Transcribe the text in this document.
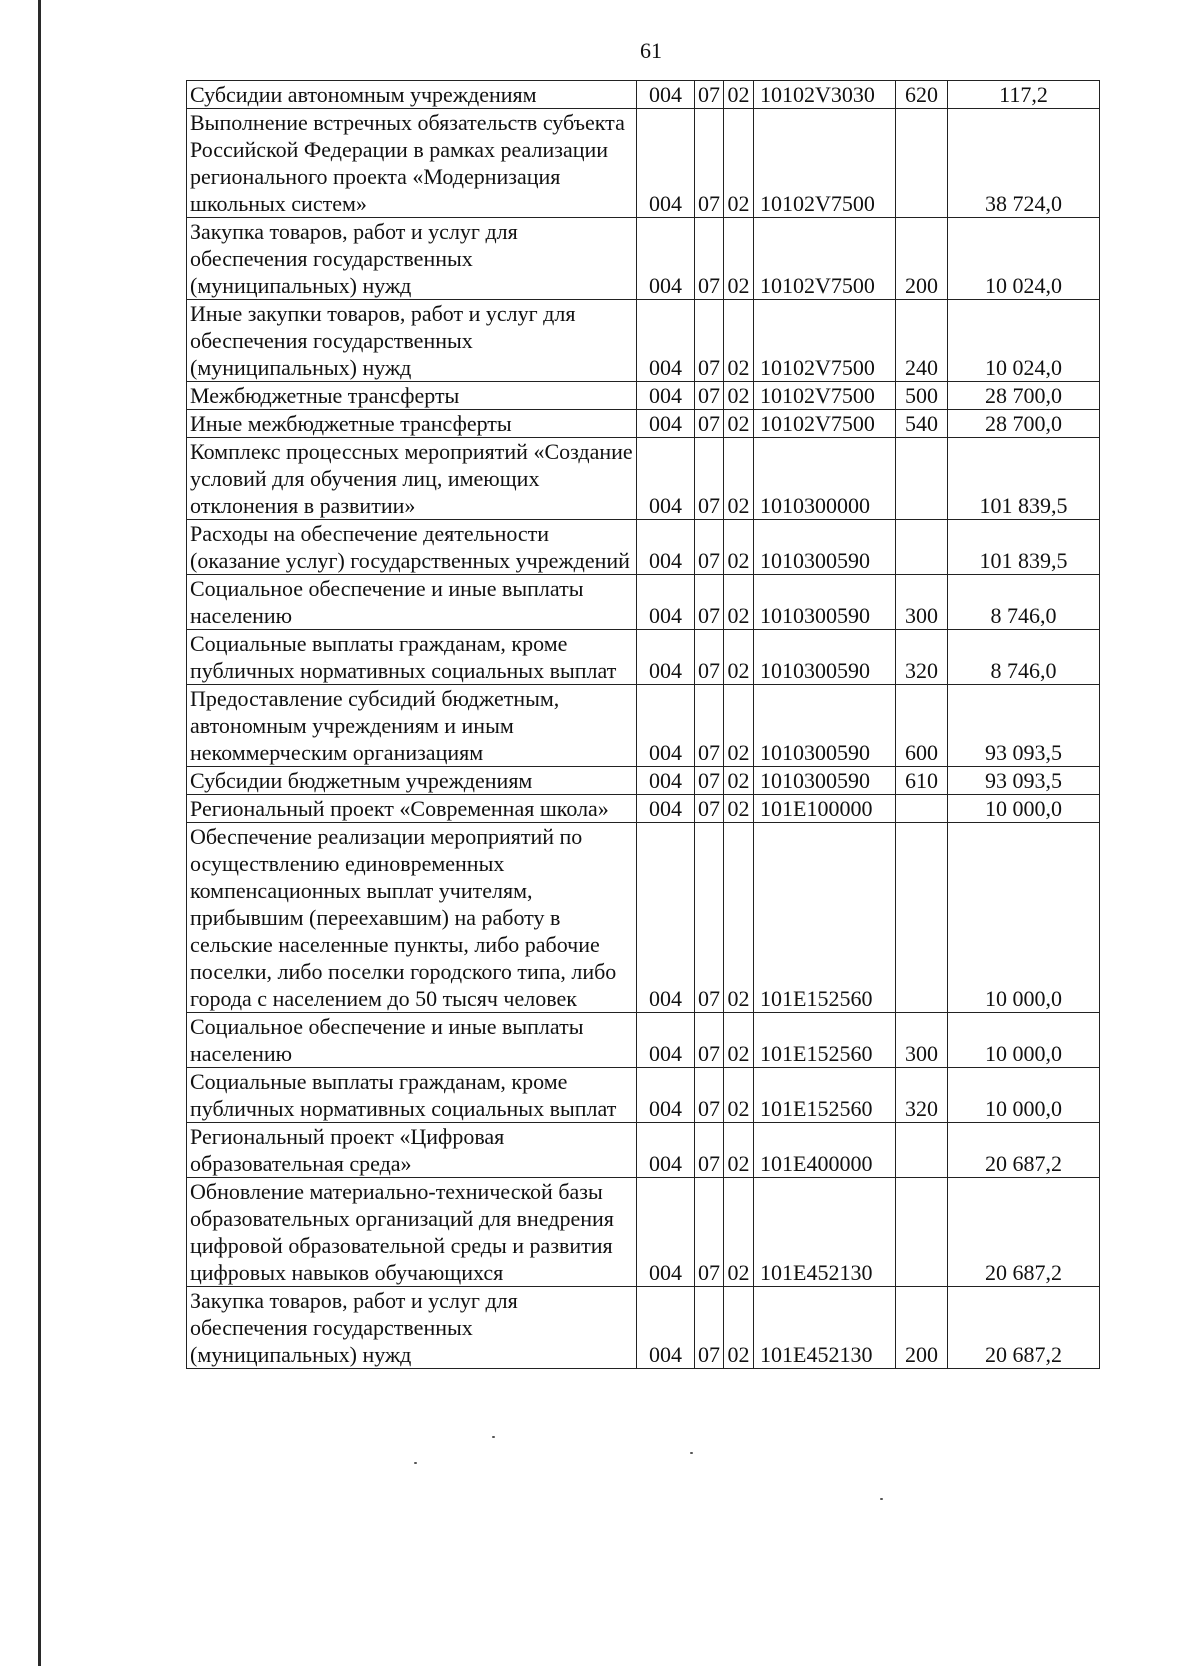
61
Субсидии автономным учреждениям	004	07	02	10102V3030	620	117,2
Выполнение встречных обязательств субъекта Российской Федерации в рамках реализации регионального проекта «Модернизация школьных систем»	004	07	02	10102V7500		38 724,0
Закупка товаров, работ и услуг для обеспечения государственных (муниципальных) нужд	004	07	02	10102V7500	200	10 024,0
Иные закупки товаров, работ и услуг для обеспечения государственных (муниципальных) нужд	004	07	02	10102V7500	240	10 024,0
Межбюджетные трансферты	004	07	02	10102V7500	500	28 700,0
Иные межбюджетные трансферты	004	07	02	10102V7500	540	28 700,0
Комплекс процессных мероприятий «Создание условий для обучения лиц, имеющих отклонения в развитии»	004	07	02	1010300000		101 839,5
Расходы на обеспечение деятельности (оказание услуг) государственных учреждений	004	07	02	1010300590		101 839,5
Социальное обеспечение и иные выплаты населению	004	07	02	1010300590	300	8 746,0
Социальные выплаты гражданам, кроме публичных нормативных социальных выплат	004	07	02	1010300590	320	8 746,0
Предоставление субсидий бюджетным, автономным учреждениям и иным некоммерческим организациям	004	07	02	1010300590	600	93 093,5
Субсидии бюджетным учреждениям	004	07	02	1010300590	610	93 093,5
Региональный проект «Современная школа»	004	07	02	101E100000		10 000,0
Обеспечение реализации мероприятий по осуществлению единовременных компенсационных выплат учителям, прибывшим (переехавшим) на работу в сельские населенные пункты, либо рабочие поселки, либо поселки городского типа, либо города с населением до 50 тысяч человек	004	07	02	101E152560		10 000,0
Социальное обеспечение и иные выплаты населению	004	07	02	101E152560	300	10 000,0
Социальные выплаты гражданам, кроме публичных нормативных социальных выплат	004	07	02	101E152560	320	10 000,0
Региональный проект «Цифровая образовательная среда»	004	07	02	101E400000		20 687,2
Обновление материально-технической базы образовательных организаций для внедрения цифровой образовательной среды и развития цифровых навыков обучающихся	004	07	02	101E452130		20 687,2
Закупка товаров, работ и услуг для обеспечения государственных (муниципальных) нужд	004	07	02	101E452130	200	20 687,2
